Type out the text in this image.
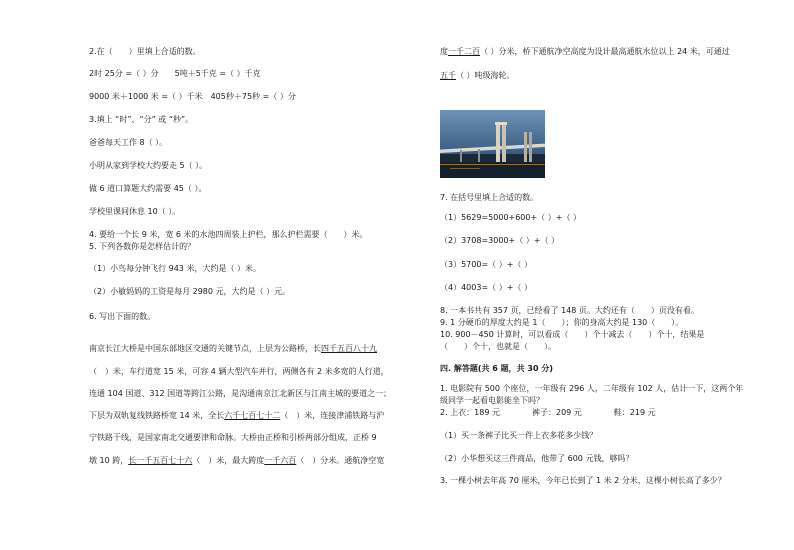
2.在（　　）里填上合适的数。
2时 25分 =（ ）分　　5吨＋5千克 =（ ）千克
9000 米＋1000 米 =（ ）千米　405秒＋75秒 =（ ）分
3.填上 “时”、“分” 或 “秒”。
爸爸每天工作 8（ ）。
小明从家到学校大约要走 5（ ）。
做 6 道口算题大约需要 45（ ）。
学校里课间休息 10（ ）。
4. 要给一个长 9 米，宽 6 米的水池四周装上护栏，那么护栏需要（　　）米。
5. 下列各数你是怎样估计的？
（1）小鸟每分钟飞行 943 米，大约是（ ）米。
（2）小敏妈妈的工资是每月 2980 元，大约是（ ）元。
6. 写出下面的数。
南京长江大桥是中国东部地区交通的关键节点，上层为公路桥，长四千五百八十九
（　）米，车行道宽 15 米，可容 4 辆大型汽车并行，两侧各有 2 米多宽的人行道，
连通 104 国道、312 国道等跨江公路，是沟通南京江北新区与江南主城的要道之一；
下层为双轨复线铁路桥宽 14 米，全长六千七百七十二（　）米，连接津浦铁路与沪
宁铁路干线，是国家南北交通要津和命脉。大桥由正桥和引桥两部分组成，正桥 9
墩 10 跨，长一千五百七十六（　）米，最大跨度一千六百（　）分米。通航净空宽
度一千二百（ ）分米，桥下通航净空高度为设计最高通航水位以上 24 米，可通过
五千（ ）吨级海轮。
7. 在括号里填上合适的数。
（1）5629=5000+600+（ ）+（ ）
（2）3708=3000+（ ）+（ ）
（3）5700=（ ）+（ ）
（4）4003=（ ）+（ ）
8. 一本书共有 357 页，已经看了 148 页。大约还有（　　）页没有看。
9. 1 分硬币的厚度大约是 1（　　）；你的身高大约是 130（　　）。
10. 900－450 计算时，可以看成（　　）个十减去（　　）个十，结果是
（　　）个十，也就是（　　）。
四. 解答题(共 6 题，共 30 分)
1. 电影院有 500 个座位，一年级有 296 人，二年级有 102 人，估计一下，这两个年
级同学一起看电影能坐下吗？
2. 上衣：189 元　　　　裤子：209 元　　　　鞋：219 元
（1）买一条裤子比买一件上衣多花多少钱？
（2）小华想买这三件商品，他带了 600 元钱，够吗？
3. 一棵小树去年高 70 厘米，今年已长到了 1 米 2 分米，这棵小树长高了多少？
